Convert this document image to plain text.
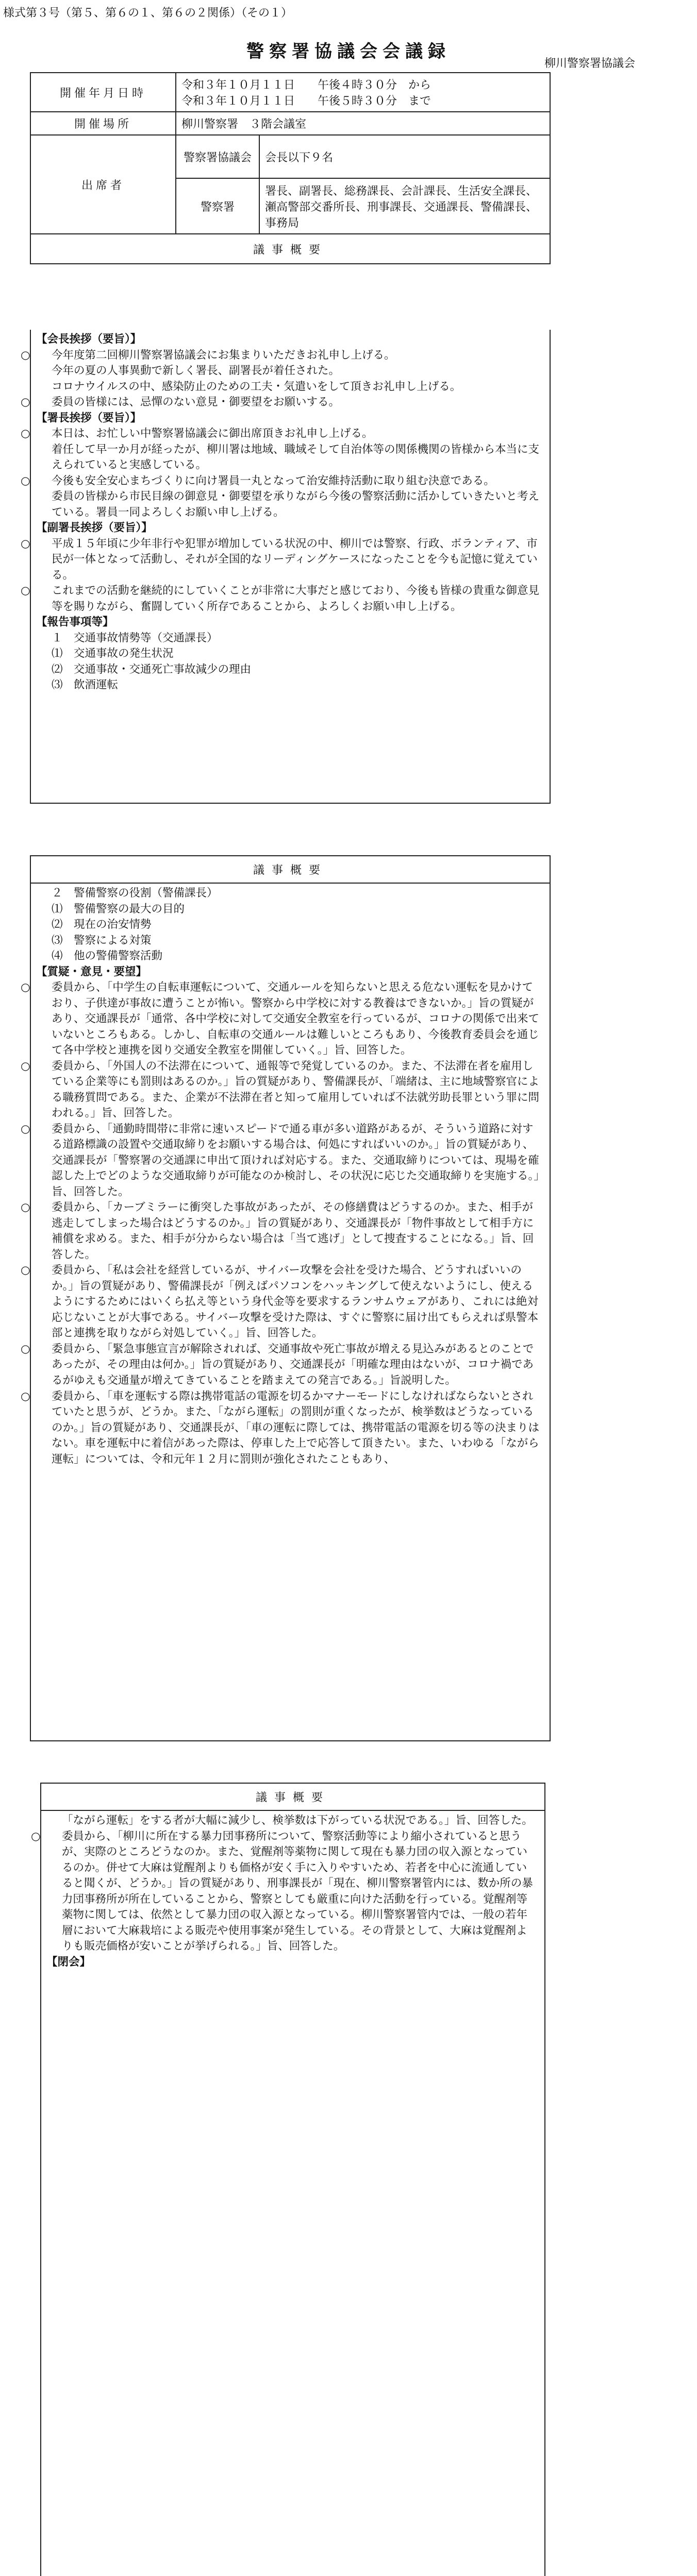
様式第３号（第５、第６の１、第６の２関係）（その１）
警察署協議会会議録
柳川警察署協議会
開催年月日時	令和３年１０月１１日　　午後４時３０分　から
令和３年１０月１１日　　午後５時３０分　まで	

開催場所	柳川警察署　３階会議室	
出席者	警察署協議会	会長以下９名
	警察署	署長、副署長、総務課長、会計課長、生活安全課長、瀬高警部交番所長、刑事課長、交通課長、警備課長、事務局
議事概要		

【会長挨拶（要旨）】

○ 今年度第二回柳川警察署協議会にお集まりいただきお礼申し上げる。

今年の夏の人事異動で新しく署長、副署長が着任された。

コロナウイルスの中、感染防止のための工夫・気遣いをして頂きお礼申し上げる。

○ 委員の皆様には、忌憚のない意見・御要望をお願いする。

【署長挨拶（要旨）】

○ 本日は、お忙しい中警察署協議会に御出席頂きお礼申し上げる。

着任して早一か月が経ったが、柳川署は地域、職域そして自治体等の関係機関の皆様から本当に支えられていると実感している。

○ 今後も安全安心まちづくりに向け署員一丸となって治安維持活動に取り組む決意である。

委員の皆様から市民目線の御意見・御要望を承りながら今後の警察活動に活かしていきたいと考えている。署員一同よろしくお願い申し上げる。

【副署長挨拶（要旨）】

○ 平成１５年頃に少年非行や犯罪が増加している状況の中、柳川では警察、行政、ボランティア、市民が一体となって活動し、それが全国的なリーディングケースになったことを今も記憶に覚えている。

○ これまでの活動を継続的にしていくことが非常に大事だと感じており、今後も皆様の貴重な御意見等を賜りながら、奮闘していく所存であることから、よろしくお願い申し上げる。

【報告事項等】

１　交通事故情勢等（交通課長）

⑴　交通事故の発生状況

⑵　交通事故・交通死亡事故減少の理由

⑶　飲酒運転

議事概要

２　警備警察の役割（警備課長）

⑴　警備警察の最大の目的

⑵　現在の治安情勢

⑶　警察による対策

⑷　他の警備警察活動

【質疑・意見・要望】

○ 委員から、「中学生の自転車運転について、交通ルールを知らないと思える危ない運転を見かけており、子供達が事故に遭うことが怖い。警察から中学校に対する教養はできないか。」旨の質疑があり、交通課長が「通常、各中学校に対して交通安全教室を行っているが、コロナの関係で出来ていないところもある。しかし、自転車の交通ルールは難しいところもあり、今後教育委員会を通じて各中学校と連携を図り交通安全教室を開催していく。」旨、回答した。

○ 委員から、「外国人の不法滞在について、通報等で発覚しているのか。また、不法滞在者を雇用している企業等にも罰則はあるのか。」旨の質疑があり、警備課長が、「端緒は、主に地域警察官による職務質問である。また、企業が不法滞在者と知って雇用していれば不法就労助長罪という罪に問われる。」旨、回答した。

○ 委員から、「通勤時間帯に非常に速いスピードで通る車が多い道路があるが、そういう道路に対する道路標識の設置や交通取締りをお願いする場合は、何処にすればいいのか。」旨の質疑があり、交通課長が「警察署の交通課に申出て頂ければ対応する。また、交通取締りについては、現場を確認した上でどのような交通取締りが可能なのか検討し、その状況に応じた交通取締りを実施する。」旨、回答した。

○ 委員から、「カーブミラーに衝突した事故があったが、その修繕費はどうするのか。また、相手が逃走してしまった場合はどうするのか。」旨の質疑があり、交通課長が「物件事故として相手方に補償を求める。また、相手が分からない場合は「当て逃げ」として捜査することになる。」旨、回答した。

○ 委員から、「私は会社を経営しているが、サイバー攻撃を会社を受けた場合、どうすればいいのか。」旨の質疑があり、警備課長が「例えばパソコンをハッキングして使えないようにし、使えるようにするためにはいくら払え等という身代金等を要求するランサムウェアがあり、これには絶対応じないことが大事である。サイバー攻撃を受けた際は、すぐに警察に届け出てもらえれば県警本部と連携を取りながら対処していく。」旨、回答した。

○ 委員から、「緊急事態宣言が解除されれば、交通事故や死亡事故が増える見込みがあるとのことであったが、その理由は何か。」旨の質疑があり、交通課長が「明確な理由はないが、コロナ禍であるがゆえも交通量が増えてきていることを踏まえての発言である。」旨説明した。

○ 委員から、「車を運転する際は携帯電話の電源を切るかマナーモードにしなければならないとされていたと思うが、どうか。また、「ながら運転」の罰則が重くなったが、検挙数はどうなっているのか。」旨の質疑があり、交通課長が、「車の運転に際しては、携帯電話の電源を切る等の決まりはない。車を運転中に着信があった際は、停車した上で応答して頂きたい。また、いわゆる「ながら運転」については、令和元年１２月に罰則が強化されたこともあり、

議事概要

「ながら運転」をする者が大幅に減少し、検挙数は下がっている状況である。」旨、回答した。

○ 委員から、「柳川に所在する暴力団事務所について、警察活動等により縮小されていると思うが、実際のところどうなのか。また、覚醒剤等薬物に関して現在も暴力団の収入源となっているのか。併せて大麻は覚醒剤よりも価格が安く手に入りやすいため、若者を中心に流通していると聞くが、どうか。」旨の質疑があり、刑事課長が「現在、柳川警察署管内には、数か所の暴力団事務所が所在していることから、警察としても厳重に向けた活動を行っている。覚醒剤等薬物に関しては、依然として暴力団の収入源となっている。柳川警察署管内では、一般の若年層において大麻栽培による販売や使用事案が発生している。その背景として、大麻は覚醒剤よりも販売価格が安いことが挙げられる。」旨、回答した。

【閉会】
